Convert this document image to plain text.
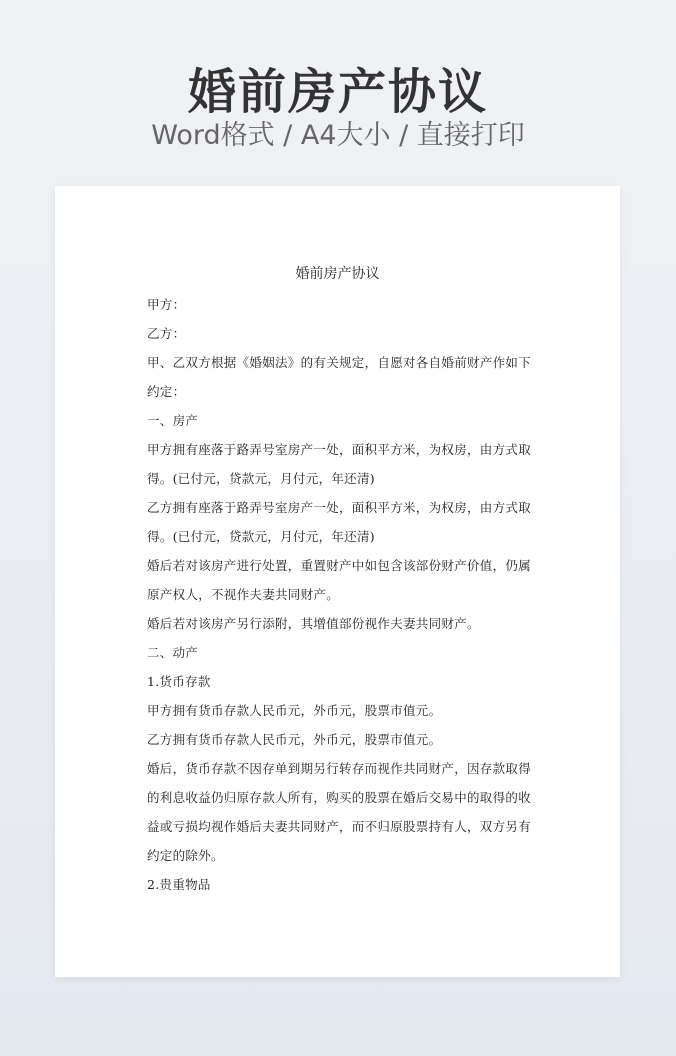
婚前房产协议
Word格式 / A4大小 / 直接打印
婚前房产协议

甲方：

乙方：

甲、乙双方根据《婚姻法》的有关规定，自愿对各自婚前财产作如下

约定：

一、房产

甲方拥有座落于路弄号室房产一处，面积平方米，为权房，由方式取

得。(已付元，贷款元，月付元，年还清)

乙方拥有座落于路弄号室房产一处，面积平方米，为权房，由方式取

得。(已付元，贷款元，月付元，年还清)

婚后若对该房产进行处置，重置财产中如包含该部份财产价值，仍属

原产权人，不视作夫妻共同财产。

婚后若对该房产另行添附，其增值部份视作夫妻共同财产。

二、动产

1.货币存款

甲方拥有货币存款人民币元，外币元，股票市值元。

乙方拥有货币存款人民币元，外币元，股票市值元。

婚后，货币存款不因存单到期另行转存而视作共同财产，因存款取得

的利息收益仍归原存款人所有，购买的股票在婚后交易中的取得的收

益或亏损均视作婚后夫妻共同财产，而不归原股票持有人，双方另有

约定的除外。

2.贵重物品
